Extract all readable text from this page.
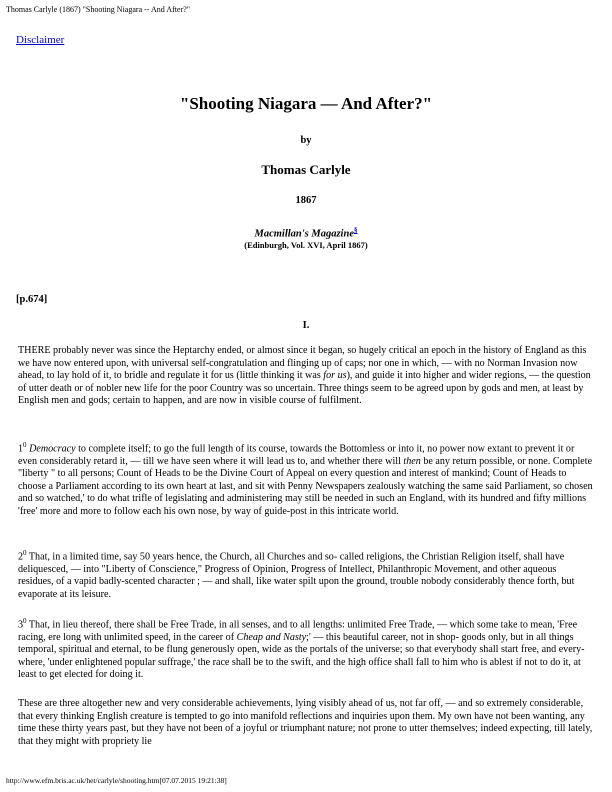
Thomas Carlyle (1867) "Shooting Niagara -- And After?"
Disclaimer
"Shooting Niagara — And After?"
by
Thomas Carlyle
1867
Macmillan's Magazine§
(Edinburgh, Vol. XVI, April 1867)
[p.674]
I.

THERE probably never was since the Heptarchy ended, or almost since it began, so hugely critical an epoch in the history of England as this we have now entered upon, with universal self-congratulation and flinging up of caps; nor one in which, — with no Norman Invasion now ahead, to lay hold of it, to bridle and regulate it for us (little thinking it was for us), and guide it into higher and wider regions, — the question of utter death or of nobler new life for the poor Country was so uncertain. Three things seem to be agreed upon by gods and men, at least by English men and gods; certain to happen, and are now in visible course of fulfilment.

$1^0$ Democracy to complete itself; to go the full length of its course, towards the Bottomless or into it, no power now extant to prevent it or even considerably retard it, — till we have seen where it will lead us to, and whether there will then be any return possible, or none. Complete "liberty " to all persons; Count of Heads to be the Divine Court of Appeal on every question and interest of mankind; Count of Heads to choose a Parliament according to its own heart at last, and sit with Penny Newspapers zealously watching the same said Parliament, so chosen and so watched,' to do what trifle of legislating and administering may still be needed in such an England, with its hundred and fifty millions 'free' more and more to follow each his own nose, by way of guide-post in this intricate world.

$2^0$ That, in a limited time, say 50 years hence, the Church, all Churches and so- called religions, the Christian Religion itself, shall have deliquesced, — into "Liberty of Conscience," Progress of Opinion, Progress of Intellect, Philanthropic Movement, and other aqueous residues, of a vapid badly-scented character ; — and shall, like water spilt upon the ground, trouble nobody considerably thence forth, but evaporate at its leisure.

$3^0$ That, in lieu thereof, there shall be Free Trade, in all senses, and to all lengths: unlimited Free Trade, — which some take to mean, 'Free racing, ere long with unlimited speed, in the career of Cheap and Nasty;' — this beautiful career, not in shop- goods only, but in all things temporal, spiritual and eternal, to be flung generously open, wide as the portals of the universe; so that everybody shall start free, and every- where, 'under enlightened popular suffrage,' the race shall be to the swift, and the high office shall fall to him who is ablest if not to do it, at least to get elected for doing it.

These are three altogether new and very considerable achievements, lying visibly ahead of us, not far off, — and so extremely considerable, that every thinking English creature is tempted to go into manifold reflections and inquiries upon them. My own have not been wanting, any time these thirty years past, but they have not been of a joyful or triumphant nature; not prone to utter themselves; indeed expecting, till lately, that they might with propriety lie

http://www.efm.bris.ac.uk/het/carlyle/shooting.htm[07.07.2015 19:21:38]
